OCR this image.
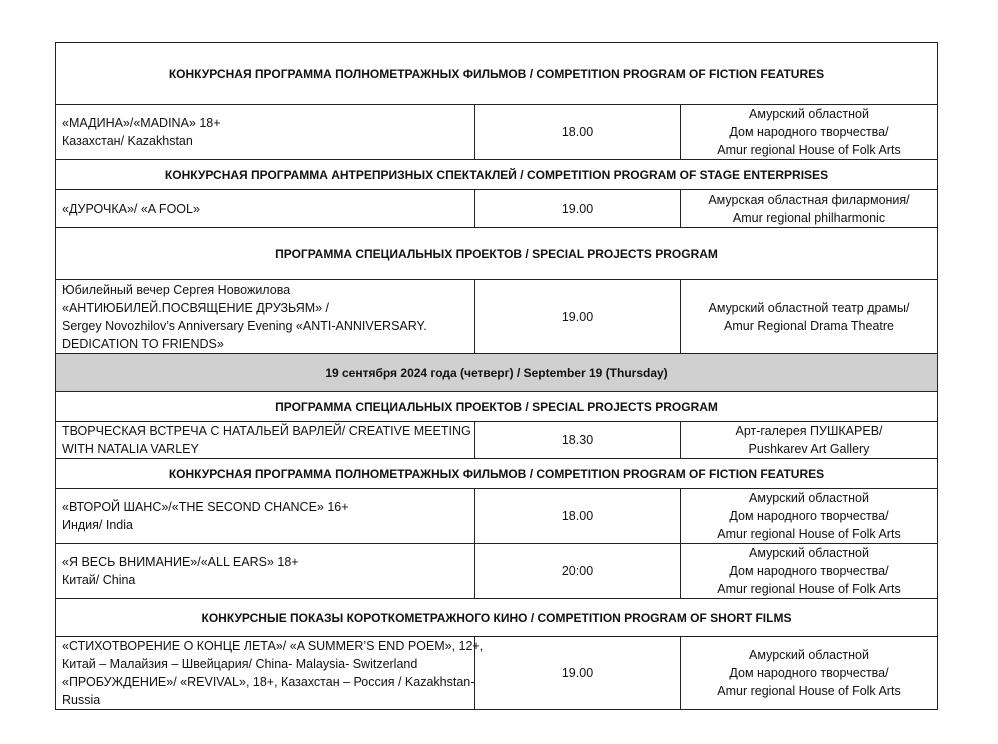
КОНКУРСНАЯ ПРОГРАММА ПОЛНОМЕТРАЖНЫХ ФИЛЬМОВ / COMPETITION PROGRAM OF FICTION FEATURES		

«МАДИНА»/«MADINA» 18+
Казахстан/ Kazakhstan	18.00	Амурский областной
Дом народного творчества/
Amur regional House of Folk Arts

КОНКУРСНАЯ ПРОГРАММА АНТРЕПРИЗНЫХ СПЕКТАКЛЕЙ / COMPETITION PROGRAM OF STAGE ENTERPRISES		

«ДУРОЧКА»/ «A FOOL»	19.00	Амурская областная филармония/
Amur regional philharmonic

ПРОГРАММА СПЕЦИАЛЬНЫХ ПРОЕКТОВ / SPECIAL PROJECTS PROGRAM		

Юбилейный вечер Сергея Новожилова
«АНТИЮБИЛЕЙ.ПОСВЯЩЕНИЕ ДРУЗЬЯМ» /
Sergey Novozhilov’s Anniversary Evening «ANTI-ANNIVERSARY.
DEDICATION TO FRIENDS»	19.00	Амурский областной театр драмы/
Amur Regional Drama Theatre

19 сентября 2024 года (четверг) / September 19 (Thursday)		
ПРОГРАММА СПЕЦИАЛЬНЫХ ПРОЕКТОВ / SPECIAL PROJECTS PROGRAM		

ТВОРЧЕСКАЯ ВСТРЕЧА С НАТАЛЬЕЙ ВАРЛЕЙ/ CREATIVE MEETING
WITH NATALIA VARLEY	18.30	Арт-галерея ПУШКАРЕВ/
Pushkarev Art Gallery

КОНКУРСНАЯ ПРОГРАММА ПОЛНОМЕТРАЖНЫХ ФИЛЬМОВ / COMPETITION PROGRAM OF FICTION FEATURES		

«ВТОРОЙ ШАНС»/«THE SECOND CHANCE» 16+
Индия/ India	18.00	Амурский областной
Дом народного творчества/
Amur regional House of Folk Arts

«Я ВЕСЬ ВНИМАНИЕ»/«ALL EARS» 18+
Китай/ China	20:00	Амурский областной
Дом народного творчества/
Amur regional House of Folk Arts

КОНКУРСНЫЕ ПОКАЗЫ КОРОТКОМЕТРАЖНОГО КИНО / COMPETITION PROGRAM OF SHORT FILMS		

«СТИХОТВОРЕНИЕ О КОНЦЕ ЛЕТА»/ «A SUMMER’S END POEM», 12+,
Китай – Малайзия – Швейцария/ China- Malaysia- Switzerland
«ПРОБУЖДЕНИЕ»/ «REVIVAL», 18+, Казахстан – Россия / Kazakhstan-
Russia	19.00	Амурский областной
Дом народного творчества/
Amur regional House of Folk Arts
